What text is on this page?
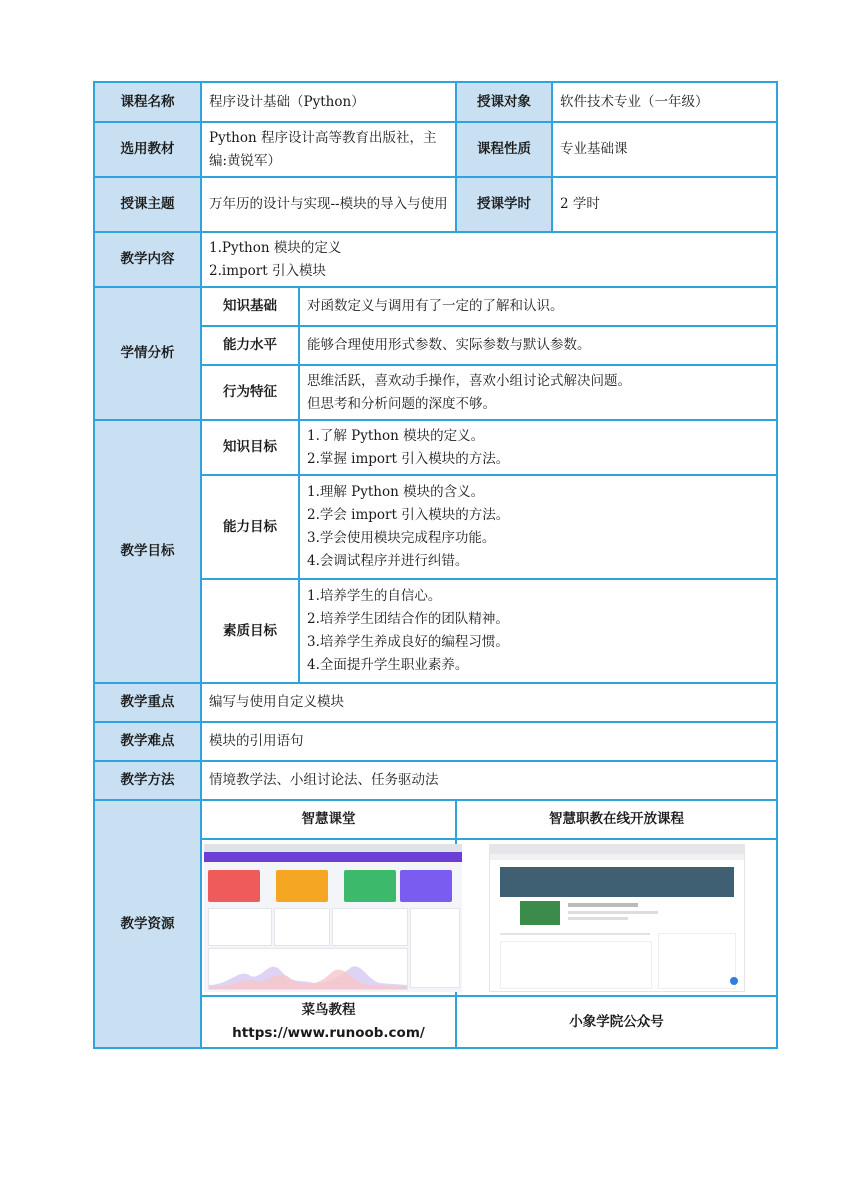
课程名称	程序设计基础（Python）		授课对象	软件技术专业（一年级）
选用教材	Python 程序设计高等教育出版社，主编:黄锐军）		课程性质	专业基础课
授课主题	万年历的设计与实现--模块的导入与使用		授课学时	2 学时
教学内容	1.Python 模块的定义
2.import 引入模块			

学情分析	知识基础	对函数定义与调用有了一定的了解和认识。		

	能力水平	能够合理使用形式参数、实际参数与默认参数。		

	行为特征	思维活跃，喜欢动手操作，喜欢小组讨论式解决问题。
但思考和分析问题的深度不够。		

教学目标	知识目标	1.了解 Python 模块的定义。
2.掌握 import 引入模块的方法。		

	能力目标	1.理解 Python 模块的含义。
2.学会 import 引入模块的方法。
3.学会使用模块完成程序功能。
4.会调试程序并进行纠错。		

	素质目标	1.培养学生的自信心。
2.培养学生团结合作的团队精神。
3.培养学生养成良好的编程习惯。
4.全面提升学生职业素养。		

教学重点	编写与使用自定义模块			
教学难点	模块的引用语句			
教学方法	情境教学法、小组讨论法、任务驱动法			
教学资源	智慧课堂		智慧职教在线开放课程	

	菜鸟教程 https://www.runoob.com/		小象学院公众号	
